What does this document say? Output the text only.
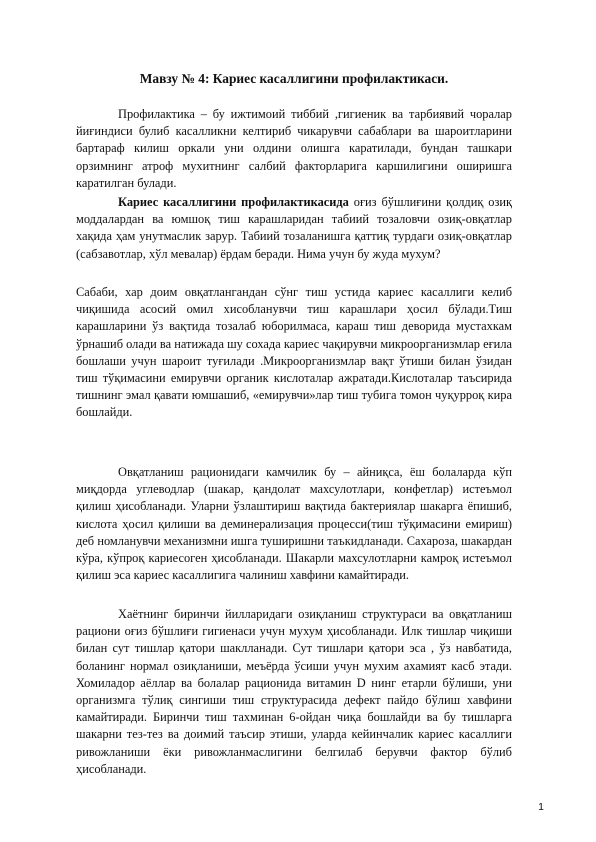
Мавзу № 4: Кариес касаллигини профилактикаси.

Профилактика – бу ижтимоий тиббий ,гигиеник ва тарбиявий чоралар йиғиндиси булиб касалликни келтириб чикарувчи сабаблари ва шароитларини бартараф килиш оркали уни олдини олишга каратилади, бундан ташкари орзимнинг атроф мухитнинг салбий факторларига каршилигини оширишга каратилган булади.

Кариес касаллигини профилактикасида оғиз бўшлиғини қолдиқ озиқ моддалардан ва юмшоқ тиш карашларидан табиий тозаловчи озиқ-овқатлар хақида ҳам унутмаслик зарур. Табиий тозаланишга қаттиқ турдаги озиқ-овқатлар (сабзавотлар, хўл мевалар) ёрдам беради. Нима учун бу жуда мухум?

Сабаби, хар доим овқатлангандан сўнг тиш устида кариес касаллиги келиб чиқишида асосий омил хисобланувчи тиш карашлари ҳосил бўлади.Тиш карашларини ўз вақтида тозалаб юборилмаса, караш тиш деворида мустахкам ўрнашиб олади ва натижада шу сохада кариес чақирувчи микроорганизмлар еғила бошлаши учун шароит туғилади .Микроорганизмлар вақт ўтиши билан ўзидан тиш тўқимасини емирувчи органик кислоталар ажратади.Кислоталар таъсирида тишнинг эмал қавати юмшашиб, «емирувчи»лар тиш тубига томон чуқурроқ кира бошлайди.

Овқатланиш рационидаги камчилик бу – айниқса, ёш болаларда кўп миқдорда углеводлар (шакар, қандолат махсулотлари, конфетлар) истеъмол қилиш ҳисобланади. Уларни ўзлаштириш вақтида бактериялар шакарга ёпишиб, кислота ҳосил қилиши ва деминерализация процесси(тиш тўқимасини емириш) деб номланувчи механизмни ишга туширишни таъкидланади. Сахароза, шакардан кўра, кўпроқ кариесоген ҳисобланади. Шакарли махсулотларни камроқ истеъмол қилиш эса кариес касаллигига чалиниш хавфини камайтиради.

Хаётнинг биринчи йилларидаги озиқланиш структураси ва овқатланиш рациони оғиз бўшлиғи гигиенаси учун мухум ҳисобланади. Илк тишлар чиқиши билан сут тишлар қатори шаклланади. Сут тишлари қатори эса , ўз навбатида, боланинг нормал озиқланиши, меъёрда ўсиши учун мухим ахамият касб этади. Хомиладор аёллар ва болалар рационида витамин D нинг етарли бўлиши, уни организмга тўлиқ сингиши тиш структурасида дефект пайдо бўлиш хавфини камайтиради. Биринчи тиш тахминан 6-ойдан чиқа бошлайди ва бу тишларга шакарни тез-тез ва доимий таъсир этиши, уларда кейинчалик кариес касаллиги ривожланиши ёки ривожланмаслигини белгилаб берувчи фактор бўлиб ҳисобланади.

1
